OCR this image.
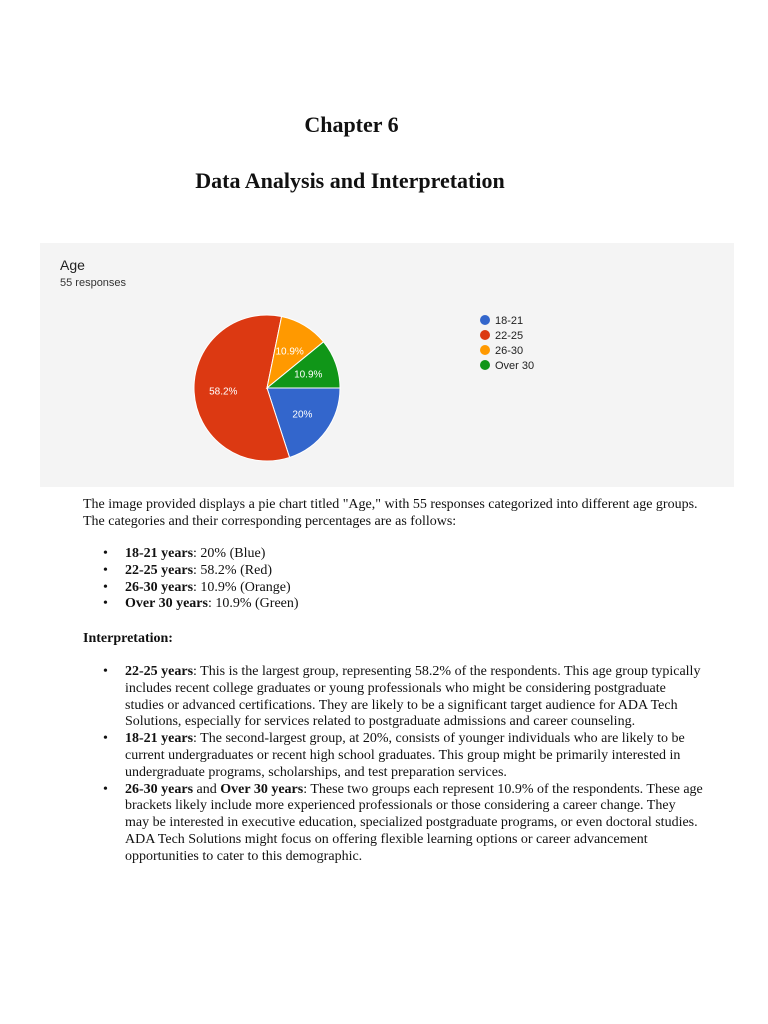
Chapter 6
Data Analysis and Interpretation
Age
55 responses
20%
58.2%
10.9%
10.9%
18-21
22-25
26-30
Over 30

The image provided displays a pie chart titled "Age," with 55 responses categorized into different age groups. The categories and their corresponding percentages are as follows:

• 18-21 years: 20% (Blue)
• 22-25 years: 58.2% (Red)
• 26-30 years: 10.9% (Orange)
• Over 30 years: 10.9% (Green)
Interpretation:
• 22-25 years: This is the largest group, representing 58.2% of the respondents. This age group typically includes recent college graduates or young professionals who might be considering postgraduate studies or advanced certifications. They are likely to be a significant target audience for ADA Tech Solutions, especially for services related to postgraduate admissions and career counseling.
• 18-21 years: The second-largest group, at 20%, consists of younger individuals who are likely to be current undergraduates or recent high school graduates. This group might be primarily interested in undergraduate programs, scholarships, and test preparation services.
• 26-30 years and Over 30 years: These two groups each represent 10.9% of the respondents. These age brackets likely include more experienced professionals or those considering a career change. They may be interested in executive education, specialized postgraduate programs, or even doctoral studies. ADA Tech Solutions might focus on offering flexible learning options or career advancement opportunities to cater to this demographic.
